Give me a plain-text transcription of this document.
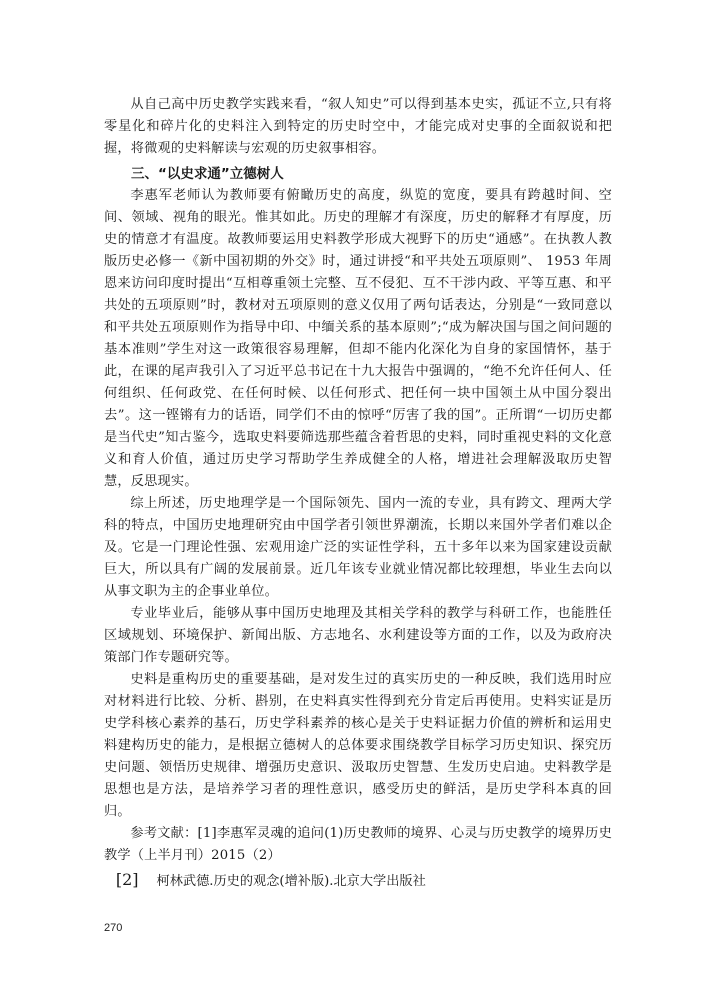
从自己高中历史教学实践来看，“叙人知史”可以得到基本史实，孤证不立,只有将零星化和碎片化的史料注入到特定的历史时空中，才能完成对史事的全面叙说和把握，将微观的史料解读与宏观的历史叙事相容。

三、“以史求通”立德树人

李惠军老师认为教师要有俯瞰历史的高度，纵览的宽度，要具有跨越时间、空间、领域、视角的眼光。惟其如此。历史的理解才有深度，历史的解释才有厚度，历史的情意才有温度。故教师要运用史料教学形成大视野下的历史“通感”。在执教人教版历史必修一《新中国初期的外交》时，通过讲授“和平共处五项原则”、 1953 年周恩来访问印度时提出“互相尊重领土完整、互不侵犯、互不干涉内政、平等互惠、和平共处的五项原则”时，教材对五项原则的意义仅用了两句话表达，分别是“一致同意以和平共处五项原则作为指导中印、中缅关系的基本原则”;“成为解决国与国之间问题的基本准则”学生对这一政策很容易理解，但却不能内化深化为自身的家国情怀，基于此，在课的尾声我引入了习近平总书记在十九大报告中强调的，“绝不允许任何人、任何组织、任何政党、在任何时候、以任何形式、把任何一块中国领土从中国分裂出去”。这一铿锵有力的话语，同学们不由的惊呼“厉害了我的国”。正所谓“一切历史都是当代史”知古鉴今，选取史料要筛选那些蕴含着哲思的史料，同时重视史料的文化意义和育人价值，通过历史学习帮助学生养成健全的人格，增进社会理解汲取历史智慧，反思现实。

综上所述，历史地理学是一个国际领先、国内一流的专业，具有跨文、理两大学科的特点，中国历史地理研究由中国学者引领世界潮流，长期以来国外学者们难以企及。它是一门理论性强、宏观用途广泛的实证性学科，五十多年以来为国家建设贡献巨大，所以具有广阔的发展前景。近几年该专业就业情况都比较理想，毕业生去向以从事文职为主的企事业单位。

专业毕业后，能够从事中国历史地理及其相关学科的教学与科研工作，也能胜任区域规划、环境保护、新闻出版、方志地名、水利建设等方面的工作，以及为政府决策部门作专题研究等。

史料是重构历史的重要基础，是对发生过的真实历史的一种反映，我们选用时应对材料进行比较、分析、斟别，在史料真实性得到充分肯定后再使用。史料实证是历史学科核心素养的基石，历史学科素养的核心是关于史料证据力价值的辨析和运用史料建构历史的能力，是根据立德树人的总体要求围绕教学目标学习历史知识、探究历史问题、领悟历史规律、增强历史意识、汲取历史智慧、生发历史启迪。史料教学是思想也是方法，是培养学习者的理性意识，感受历史的鲜活，是历史学科本真的回归。

参考文献：[1]李惠军灵魂的追问(1)历史教师的境界、心灵与历史教学的境界历史教学（上半月刊）2015（2）

[2] 柯林武德.历史的观念(增补版).北京大学出版社
270
